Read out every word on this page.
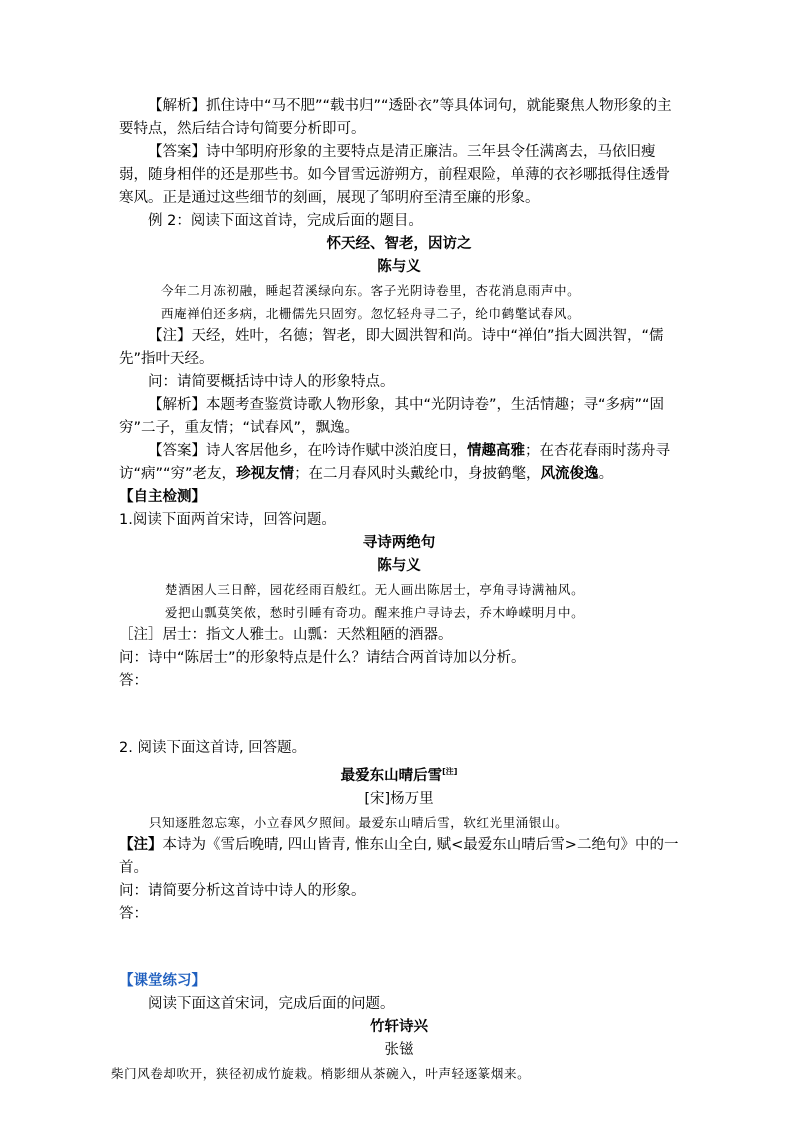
【解析】抓住诗中“马不肥”“载书归”“透卧衣”等具体词句，就能聚焦人物形象的主要特点，然后结合诗句简要分析即可。

【答案】诗中邹明府形象的主要特点是清正廉洁。三年县令任满离去，马依旧瘦弱，随身相伴的还是那些书。如今冒雪远游朔方，前程艰险，单薄的衣衫哪抵得住透骨寒风。正是通过这些细节的刻画，展现了邹明府至清至廉的形象。

例 2：阅读下面这首诗，完成后面的题目。

怀天经、智老，因访之

陈与义

今年二月冻初融，睡起苕溪绿向东。客子光阴诗卷里，杏花消息雨声中。

西庵禅伯还多病，北栅儒先只固穷。忽忆轻舟寻二子，纶巾鹤氅试春风。

【注】天经，姓叶，名德；智老，即大圆洪智和尚。诗中“禅伯”指大圆洪智，“儒先”指叶天经。

问：请简要概括诗中诗人的形象特点。

【解析】本题考查鉴赏诗歌人物形象，其中“光阴诗卷”，生活情趣；寻“多病”“固穷”二子，重友情；“试春风”，飘逸。

【答案】诗人客居他乡，在吟诗作赋中淡泊度日，情趣高雅；在杏花春雨时荡舟寻访“病”“穷”老友，珍视友情；在二月春风时头戴纶巾，身披鹤氅，风流俊逸。

【自主检测】

1.阅读下面两首宋诗，回答问题。

寻诗两绝句

陈与义

楚酒困人三日醉，园花经雨百般红。无人画出陈居士，亭角寻诗满袖风。

爱把山瓢莫笑侬，愁时引睡有奇功。醒来推户寻诗去，乔木峥嵘明月中。

［注］居士：指文人雅士。山瓢：天然粗陋的酒器。

问：诗中“陈居士”的形象特点是什么？请结合两首诗加以分析。

答：

2. 阅读下面这首诗, 回答题。

最爱东山晴后雪[注]

[宋]杨万里

只知逐胜忽忘寒，小立春风夕照间。最爱东山晴后雪，软红光里涌银山。

【注】本诗为《雪后晚晴, 四山皆青, 惟东山全白, 赋<最爱东山晴后雪>二绝句》中的一首。

问：请简要分析这首诗中诗人的形象。

答：

【课堂练习】

阅读下面这首宋词，完成后面的问题。

竹轩诗兴

张镃

柴门风卷却吹开，狭径初成竹旋栽。梢影细从茶碗入，叶声轻逐篆烟来。
